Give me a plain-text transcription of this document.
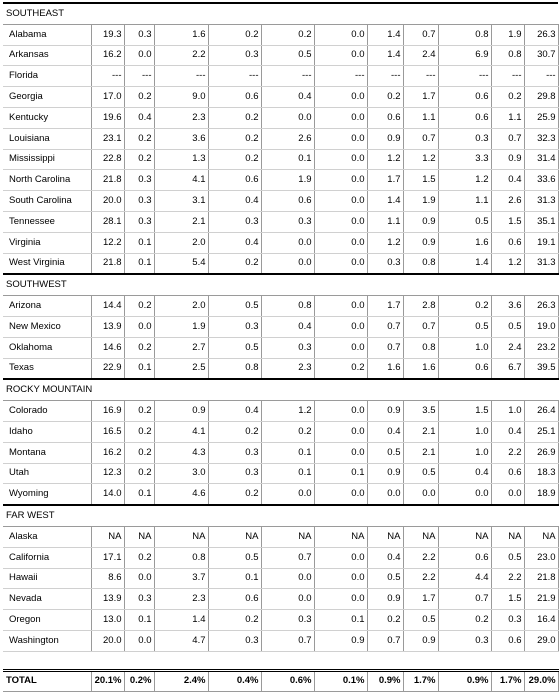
SOUTHEAST											
Alabama	19.3	0.3	1.6	0.2	0.2	0.0	1.4	0.7	0.8	1.9	26.3
Arkansas	16.2	0.0	2.2	0.3	0.5	0.0	1.4	2.4	6.9	0.8	30.7
Florida	---	---	---	---	---	---	---	---	---	---	---
Georgia	17.0	0.2	9.0	0.6	0.4	0.0	0.2	1.7	0.6	0.2	29.8
Kentucky	19.6	0.4	2.3	0.2	0.0	0.0	0.6	1.1	0.6	1.1	25.9
Louisiana	23.1	0.2	3.6	0.2	2.6	0.0	0.9	0.7	0.3	0.7	32.3
Mississippi	22.8	0.2	1.3	0.2	0.1	0.0	1.2	1.2	3.3	0.9	31.4
North Carolina	21.8	0.3	4.1	0.6	1.9	0.0	1.7	1.5	1.2	0.4	33.6
South Carolina	20.0	0.3	3.1	0.4	0.6	0.0	1.4	1.9	1.1	2.6	31.3
Tennessee	28.1	0.3	2.1	0.3	0.3	0.0	1.1	0.9	0.5	1.5	35.1
Virginia	12.2	0.1	2.0	0.4	0.0	0.0	1.2	0.9	1.6	0.6	19.1
West Virginia	21.8	0.1	5.4	0.2	0.0	0.0	0.3	0.8	1.4	1.2	31.3
SOUTHWEST											
Arizona	14.4	0.2	2.0	0.5	0.8	0.0	1.7	2.8	0.2	3.6	26.3
New Mexico	13.9	0.0	1.9	0.3	0.4	0.0	0.7	0.7	0.5	0.5	19.0
Oklahoma	14.6	0.2	2.7	0.5	0.3	0.0	0.7	0.8	1.0	2.4	23.2
Texas	22.9	0.1	2.5	0.8	2.3	0.2	1.6	1.6	0.6	6.7	39.5
ROCKY MOUNTAIN											
Colorado	16.9	0.2	0.9	0.4	1.2	0.0	0.9	3.5	1.5	1.0	26.4
Idaho	16.5	0.2	4.1	0.2	0.2	0.0	0.4	2.1	1.0	0.4	25.1
Montana	16.2	0.2	4.3	0.3	0.1	0.0	0.5	2.1	1.0	2.2	26.9
Utah	12.3	0.2	3.0	0.3	0.1	0.1	0.9	0.5	0.4	0.6	18.3
Wyoming	14.0	0.1	4.6	0.2	0.0	0.0	0.0	0.0	0.0	0.0	18.9
FAR WEST											
Alaska	NA	NA	NA	NA	NA	NA	NA	NA	NA	NA	NA
California	17.1	0.2	0.8	0.5	0.7	0.0	0.4	2.2	0.6	0.5	23.0
Hawaii	8.6	0.0	3.7	0.1	0.0	0.0	0.5	2.2	4.4	2.2	21.8
Nevada	13.9	0.3	2.3	0.6	0.0	0.0	0.9	1.7	0.7	1.5	21.9
Oregon	13.0	0.1	1.4	0.2	0.3	0.1	0.2	0.5	0.2	0.3	16.4
Washington	20.0	0.0	4.7	0.3	0.7	0.9	0.7	0.9	0.3	0.6	29.0

TOTAL	20.1%	0.2%	2.4%	0.4%	0.6%	0.1%	0.9%	1.7%	0.9%	1.7%	29.0%
